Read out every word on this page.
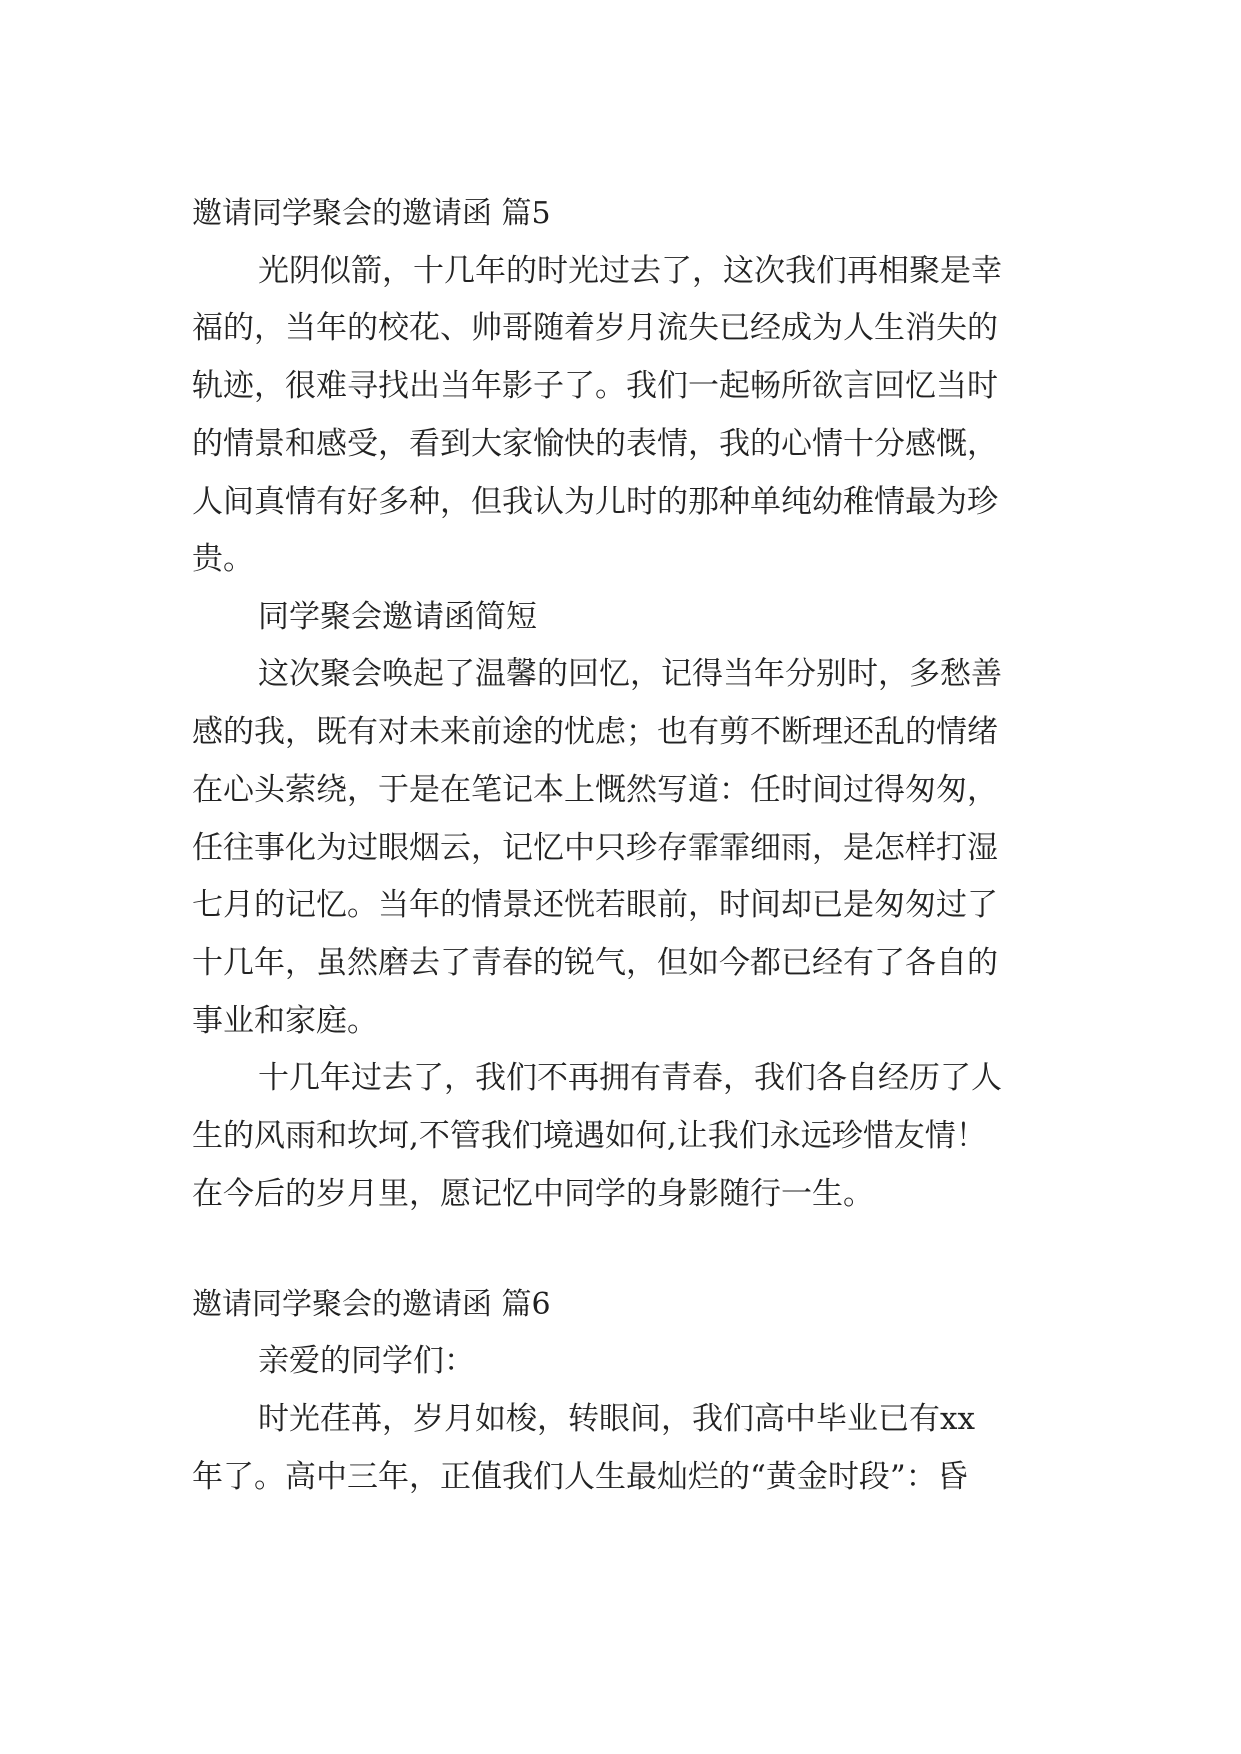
邀请同学聚会的邀请函 篇5

光阴似箭，十几年的时光过去了，这次我们再相聚是幸

福的，当年的校花、帅哥随着岁月流失已经成为人生消失的

轨迹，很难寻找出当年影子了。我们一起畅所欲言回忆当时

的情景和感受，看到大家愉快的表情，我的心情十分感慨，

人间真情有好多种，但我认为儿时的那种单纯幼稚情最为珍

贵。

同学聚会邀请函简短

这次聚会唤起了温馨的回忆，记得当年分别时，多愁善

感的我，既有对未来前途的忧虑；也有剪不断理还乱的情绪

在心头萦绕，于是在笔记本上慨然写道：任时间过得匆匆，

任往事化为过眼烟云，记忆中只珍存霏霏细雨，是怎样打湿

七月的记忆。当年的情景还恍若眼前，时间却已是匆匆过了

十几年，虽然磨去了青春的锐气，但如今都已经有了各自的

事业和家庭。

十几年过去了，我们不再拥有青春，我们各自经历了人

生的风雨和坎坷,不管我们境遇如何,让我们永远珍惜友情！

在今后的岁月里，愿记忆中同学的身影随行一生。

邀请同学聚会的邀请函 篇6

亲爱的同学们：

时光荏苒，岁月如梭，转眼间，我们高中毕业已有xx

年了。高中三年，正值我们人生最灿烂的“黄金时段”：昏
